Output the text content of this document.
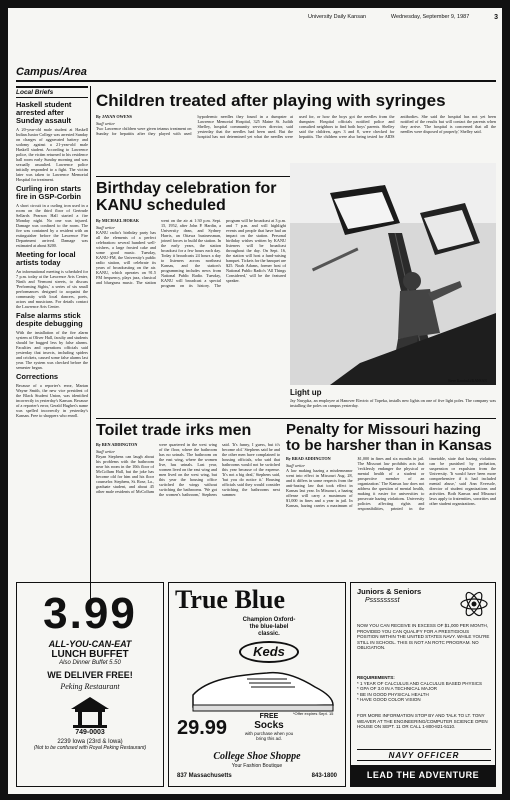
University Daily Kansan	Wednesday, September 9, 1987	3
Campus/Area
Local Briefs
Haskell student arrested after Sunday assault

A 20-year-old male student at Haskell Indian Junior College was arrested Sunday on charges of aggravated battery and sodomy against a 21-year-old male Haskell student. According to Lawrence police, the victim returned to his residence hall room early Sunday morning and was sexually assaulted. Lawrence police initially responded to a fight. The victim later was taken to Lawrence Memorial Hospital for treatment.

Curling iron starts fire in GSP-Corbin

A short circuit in a curling iron used in a room on the third floor of Gertrude Sellards Pearson Hall started a fire Monday night. No one was injured. Damage was confined to the room. The fire was contained by a resident with an extinguisher before the Lawrence Fire Department arrived. Damage was estimated at about $200.

Meeting for local artists today

An informational meeting is scheduled for 7 p.m. today at the Lawrence Arts Center, Ninth and Vermont streets, to discuss 'Performing Sights,' a series of six small performances designed to acquaint the community with local dancers, poets, actors and musicians. For details contact the Lawrence Arts Center.

False alarms stick despite debugging

With the installation of the fire alarm system at Oliver Hall, faculty and students should be bugged less by false alarms. Faculties and operations officials said yesterday that insects, including spiders and crickets, caused some false alarms last year. The system was checked before the semester began.

Corrections

Because of a reporter's error, Marian Wayne Smith, the new vice president of the Black Student Union, was identified incorrectly in yesterday's Kansan. Because of a reporter's error, Gerald Hughes's name was spelled incorrectly in yesterday's Kansan. Free to shoppers who enroll.

Children treated after playing with syringes
By JAYAN OWENS
Staff writer

Two Lawrence children were given tetanus treatment on Sunday for hepatitis after they played with used hypodermic needles they found in a dumpster at Lawrence Memorial Hospital, 325 Maine St. Judith Shelley, hospital community services director, said yesterday that the needles had been used. But the hospital has not determined yet what the needles were used for, or how the boys got the needles from the dumpster. Hospital officials notified police and consulted neighbors to find both boys' parents. Shelley said the children, ages 3 and 8, were checked for hepatitis. The children were also being tested for AIDS antibodies. She said the hospital has not yet been notified of the results but will contact the parents when they arrive. 'The hospital is concerned that all the needles were disposed of properly,' Shelley said.

Birthday celebration for KANU scheduled
By MICHAEL HORAK
Staff writer

KANU radio's birthday party has all the elements of a perfect celebration: several hundred well-wishers, a large frosted cake and some good music. Tuesday, KANU-FM, the University's public radio station, will celebrate its years of broadcasting on the air. KANU, which operates on 91.5 FM frequency, plays jazz, classical and bluegrass music. The station went on the air at 1:30 p.m. Sept. 15, 1952, after John P. Hardin, a University dean, and Sydney Harris, an Ottawa businessman, joined forces to build the station. In the early years, the station broadcast for a few hours each day. Today it broadcasts 24 hours a day to listeners across northeast Kansas, and the station's programming includes news from National Public Radio. Tuesday, KANU will broadcast a special program on its history. The program will be broadcast at 3 p.m. and 7 p.m. and will highlight events and people that have had an impact on the station. Personal birthday wishes written by KANU listeners will be broadcast throughout the day. On Sept. 16, the station will host a fund-raising banquet. Tickets for the banquet are $25. Noah Adams, former host of National Public Radio's 'All Things Considered,' will be the featured speaker.

Steve Kaminski/KANSAN
Light up
Jay Nasypka, an employee at Hanover Electric of Topeka, installs new lights on one of five light poles. The company was installing the poles on campus yesterday.
Toilet trade irks men
By BEN ADDINGTON
Staff writer

Bryan Stephens can laugh about his problems with the bathroom near his room in the 10th floor of McCollum Hall, but the joke has become old for him and his floor counselor. Stephens, St. Rose, La., graduate student, and about 45 other male residents of McCollum were quartered in the west wing of the floor, where the bathroom has no urinals. The bathroom on the east wing, where the women live, has urinals. Last year, women lived on the east wing and men lived on the west wing, but this year the housing office switched the wings without switching the bathrooms. 'We got the women's bathroom,' Stephens said. 'It's funny, I guess, but it's become old.' Stephens said he and the other men have complained to housing officials, who said that bathrooms would not be switched this year because of the expense. 'It's not a big deal,' Stephens said, 'but you do notice it.' Housing officials said they would consider switching the bathrooms next summer.

Penalty for Missouri hazing to be harsher than in Kansas
By BRAD ADDINGTON
Staff writer

A law making hazing a misdemeanor went into effect in Missouri Aug. 28, and it differs in some respects from the anti-hazing law that took effect in Kansas last year. In Missouri, a hazing offense will carry a maximum of $1,000 in fines and a year in jail. In Kansas, hazing carries a maximum of $1,000 in fines and six months in jail. The Missouri law prohibits acts that 'recklessly endanger the physical or mental health of a student or prospective member of an organization.' The Kansas law does not address the question of mental health, making it easier for universities to prosecute hazing violations. University policies affecting rights and responsibilities, printed in the timetable, state that hazing violations can be punished by probation, suspension or expulsion from the University. 'It would have been more comprehensive if it had included mental abuse,' said Ann Eversole, director of student organizations and activities. Both Kansas and Missouri laws apply to fraternities, sororities and other student organizations.

3.99
ALL-YOU-CAN-EAT
LUNCH BUFFET
Also Dinner Buffet 5.50
WE DELIVER FREE!
Peking Restaurant
749-0003
2239 Iowa (23rd & Iowa)
(Not to be confused with Royal Peking Restaurant)
True Blue
Champion Oxford-
the blue-label
classic.
Keds
29.99
FREE
Socks
with purchase when you bring this ad.
*Offer expires Sept. 15
College Shoe Shoppe
Your Fashion Boutique
837 Massachusetts	843-1800
Juniors & Seniors
Psssssssst
NOW YOU CAN RECEIVE IN EXCESS OF $1,000 PER MONTH, PROVIDED YOU CAN QUALIFY FOR A PRESTIGIOUS POSITION WITHIN THE UNITED STATES NAVY. WHILE YOU'RE STILL IN SCHOOL. THIS IS NOT AN ROTC PROGRAM. NO OBLIGATION.
REQUIREMENTS:
* 1 YEAR OF CALCULUS AND CALCULUS BASED PHYSICS
* GPA OF 3.0 IN A TECHNICAL MAJOR
* BE IN GOOD PHYSICAL HEALTH
* HAVE GOOD COLOR VISION
FOR MORE INFORMATION STOP BY AND TALK TO LT. TONY WEAVER AT THE ENGINEERING/COMPUTER SCIENCE OPEN HOUSE ON SEPT. 11 OR CALL 1-800-821-5110.
NAVY OFFICER
LEAD THE ADVENTURE
